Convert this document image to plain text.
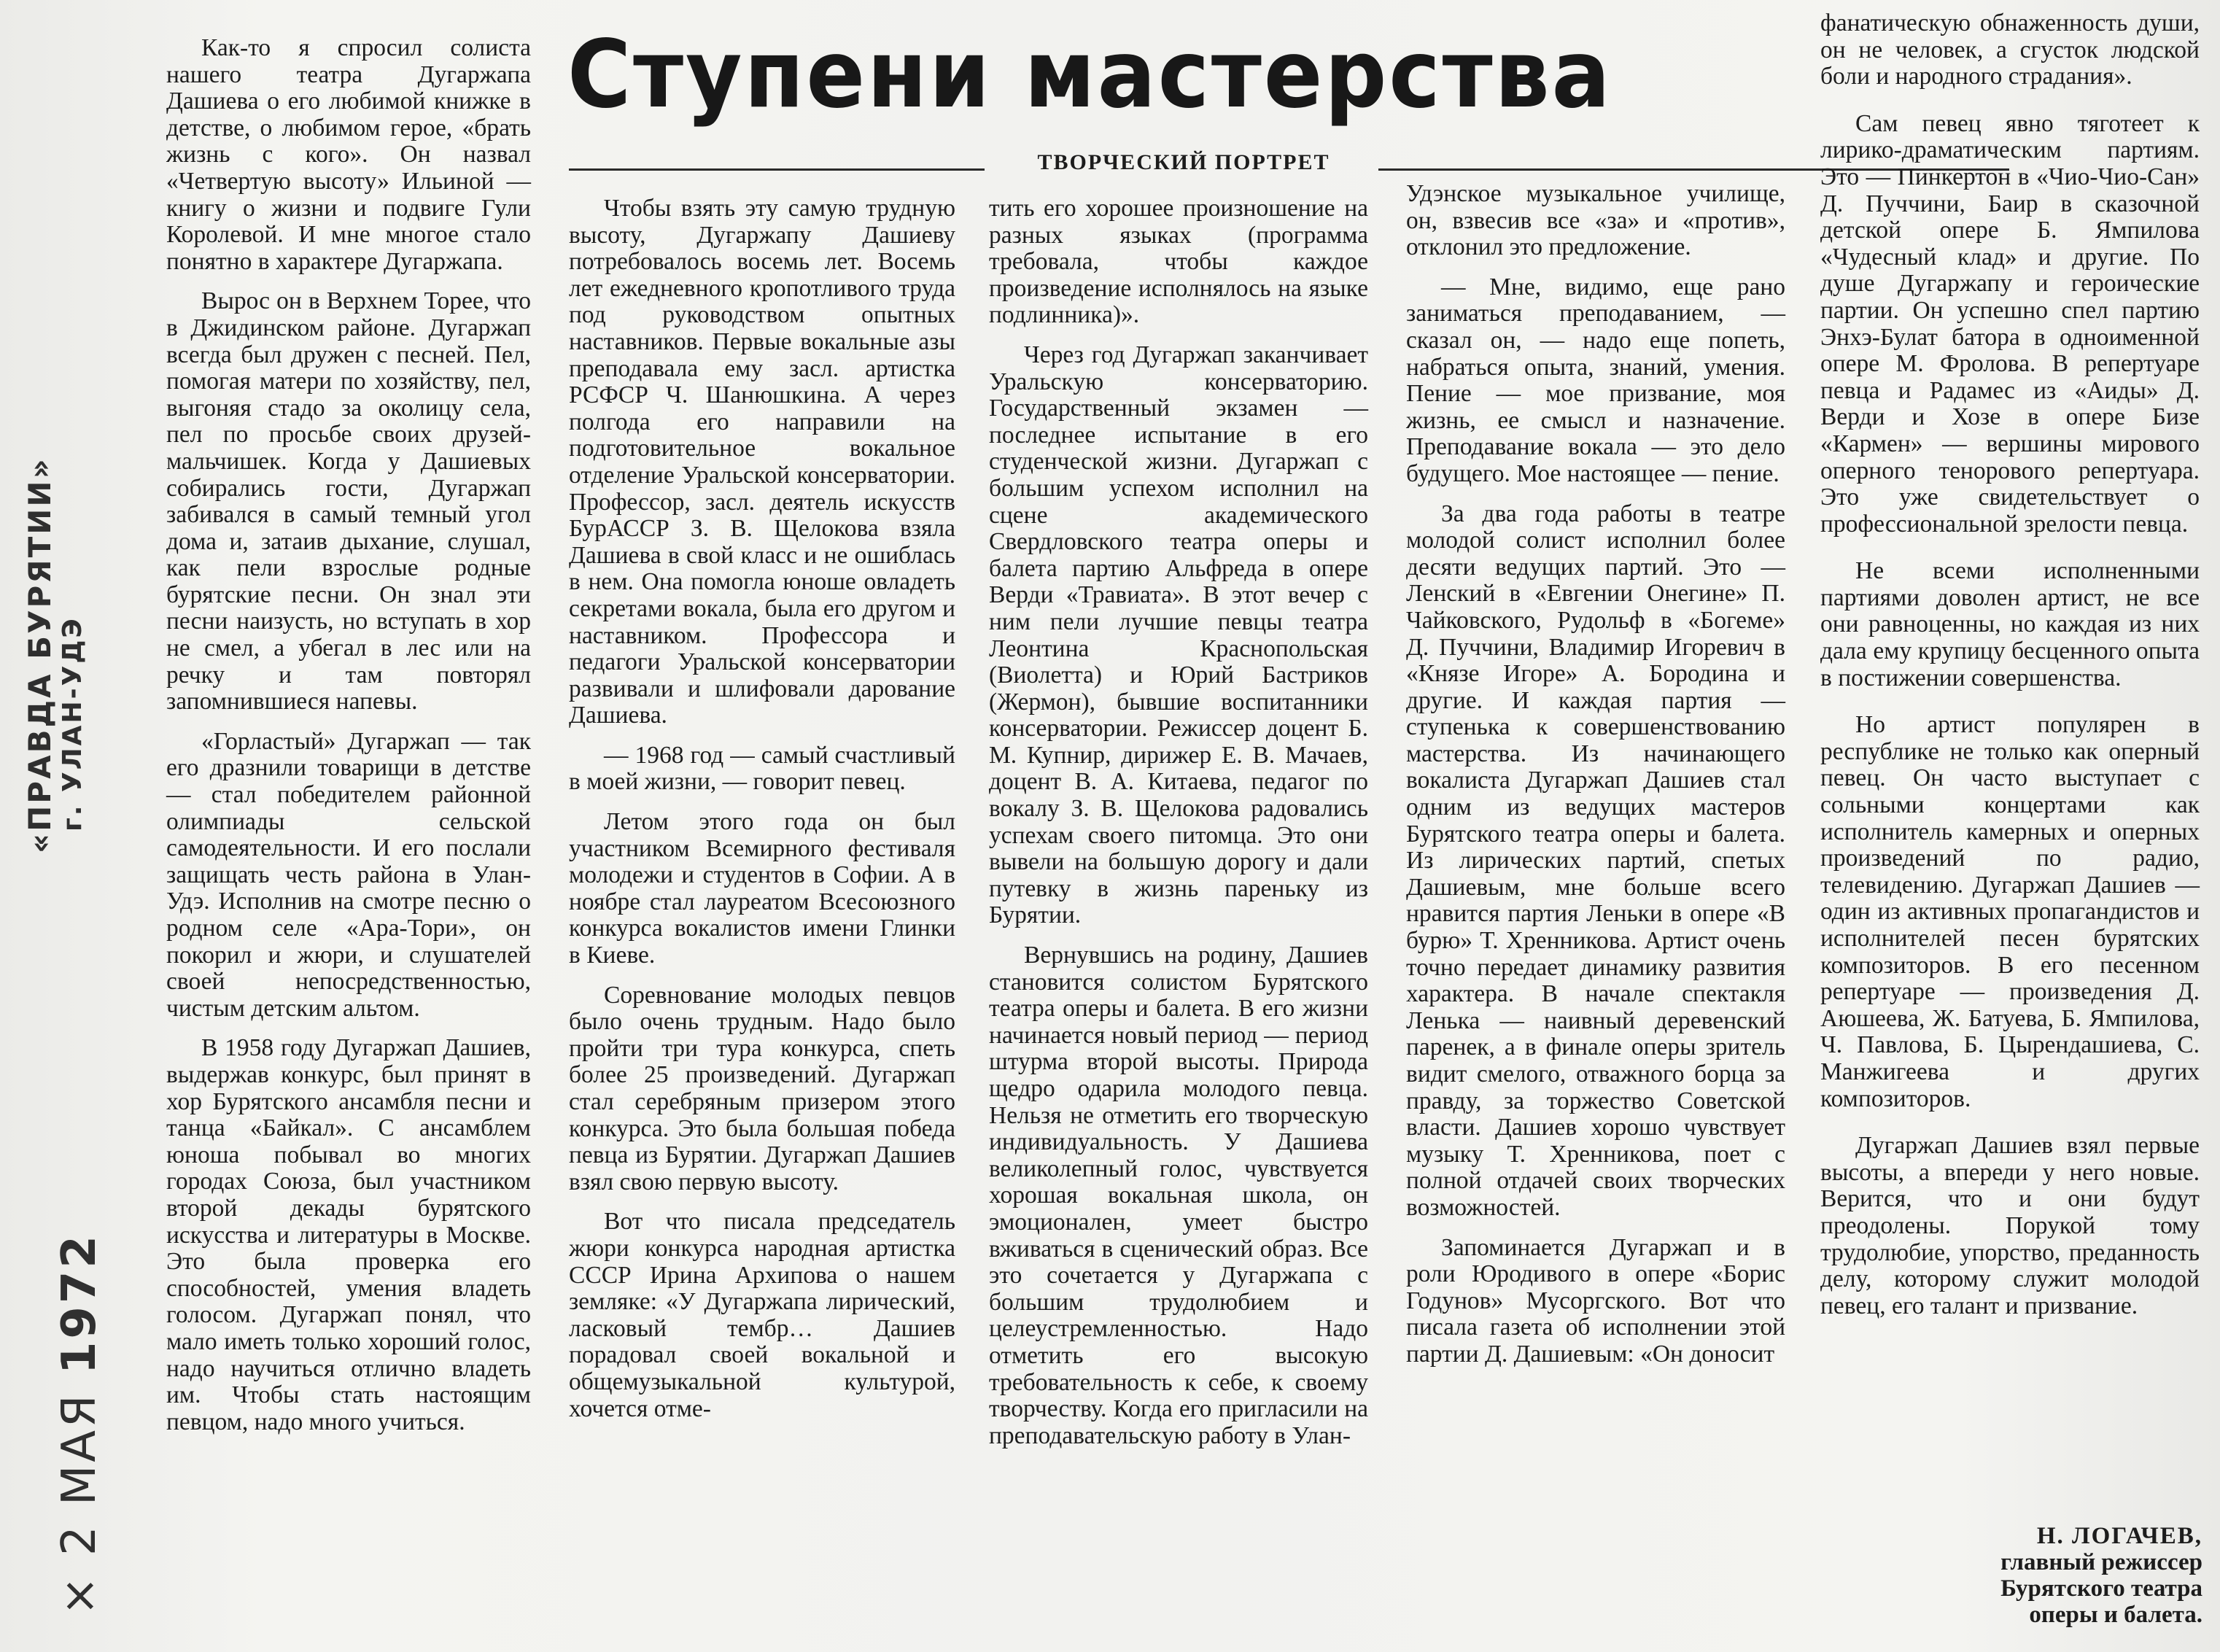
«ПРАВДА БУРЯТИИ» г. УЛАН-УДЭ
× 2 МАЯ 1972
Ступени мастерства
ТВОРЧЕСКИЙ ПОРТРЕТ

Как-то я спросил солиста нашего театра Дугаржапа Дашиева о его любимой книжке в детстве, о любимом герое, «брать жизнь с кого». Он назвал «Четвертую высоту» Ильиной — книгу о жизни и подвиге Гули Королевой. И мне многое стало понятно в характере Дугаржапа.

Вырос он в Верхнем Торее, что в Джидинском районе. Дугаржап всегда был дружен с песней. Пел, помогая матери по хозяйству, пел, выгоняя стадо за околицу села, пел по просьбе своих друзей-мальчишек. Когда у Дашиевых собирались гости, Дугаржап забивался в самый темный угол дома и, затаив дыхание, слушал, как пели взрослые родные бурятские песни. Он знал эти песни наизусть, но вступать в хор не смел, а убегал в лес или на речку и там повторял запомнившиеся напевы.

«Горластый» Дугаржап — так его дразнили товарищи в детстве — стал победителем районной олимпиады сельской самодеятельности. И его послали защищать честь района в Улан-Удэ. Исполнив на смотре песню о родном селе «Ара-Тори», он покорил и жюри, и слушателей своей непосредственностью, чистым детским альтом.

В 1958 году Дугаржап Дашиев, выдержав конкурс, был принят в хор Бурятского ансамбля песни и танца «Байкал». С ансамблем юноша побывал во многих городах Союза, был участником второй декады бурятского искусства и литературы в Москве. Это была проверка его способностей, умения владеть голосом. Дугаржап понял, что мало иметь только хороший голос, надо научиться отлично владеть им. Чтобы стать настоящим певцом, надо много учиться.

Чтобы взять эту самую трудную высоту, Дугаржапу Дашиеву потребовалось восемь лет. Восемь лет ежедневного кропотливого труда под руководством опытных наставников. Первые вокальные азы преподавала ему засл. артистка РСФСР Ч. Шанюшкина. А через полгода его направили на подготовительное вокальное отделение Уральской консерватории. Профессор, засл. деятель искусств БурАССР З. В. Щелокова взяла Дашиева в свой класс и не ошиблась в нем. Она помогла юноше овладеть секретами вокала, была его другом и наставником. Профессора и педагоги Уральской консерватории развивали и шлифовали дарование Дашиева.

— 1968 год — самый счастливый в моей жизни, — говорит певец.

Летом этого года он был участником Всемирного фестиваля молодежи и студентов в Софии. А в ноябре стал лауреатом Всесоюзного конкурса вокалистов имени Глинки в Киеве.

Соревнование молодых певцов было очень трудным. Надо было пройти три тура конкурса, спеть более 25 произведений. Дугаржап стал серебряным призером этого конкурса. Это была большая победа певца из Бурятии. Дугаржап Дашиев взял свою первую высоту.

Вот что писала председатель жюри конкурса народная артистка СССР Ирина Архипова о нашем земляке: «У Дугаржапа лирический, ласковый тембр… Дашиев порадовал своей вокальной и общемузыкальной культурой, хочется отме-

тить его хорошее произношение на разных языках (программа требовала, чтобы каждое произведение исполнялось на языке подлинника)».

Через год Дугаржап заканчивает Уральскую консерваторию. Государственный экзамен — последнее испытание в его студенческой жизни. Дугаржап с большим успехом исполнил на сцене академического Свердловского театра оперы и балета партию Альфреда в опере Верди «Травиата». В этот вечер с ним пели лучшие певцы театра Леонтина Краснопольская (Виолетта) и Юрий Бастриков (Жермон), бывшие воспитанники консерватории. Режиссер доцент Б. М. Купнир, дирижер Е. В. Мачаев, доцент В. А. Китаева, педагог по вокалу З. В. Щелокова радовались успехам своего питомца. Это они вывели на большую дорогу и дали путевку в жизнь пареньку из Бурятии.

Вернувшись на родину, Дашиев становится солистом Бурятского театра оперы и балета. В его жизни начинается новый период — период штурма второй высоты. Природа щедро одарила молодого певца. Нельзя не отметить его творческую индивидуальность. У Дашиева великолепный голос, чувствуется хорошая вокальная школа, он эмоционален, умеет быстро вживаться в сценический образ. Все это сочетается у Дугаржапа с большим трудолюбием и целеустремленностью. Надо отметить его высокую требовательность к себе, к своему творчеству. Когда его пригласили на преподавательскую работу в Улан-

Удэнское музыкальное училище, он, взвесив все «за» и «против», отклонил это предложение.

— Мне, видимо, еще рано заниматься преподаванием, — сказал он, — надо еще попеть, набраться опыта, знаний, умения. Пение — мое призвание, моя жизнь, ее смысл и назначение. Преподавание вокала — это дело будущего. Мое настоящее — пение.

За два года работы в театре молодой солист исполнил более десяти ведущих партий. Это — Ленский в «Евгении Онегине» П. Чайковского, Рудольф в «Богеме» Д. Пуччини, Владимир Игоревич в «Князе Игоре» А. Бородина и другие. И каждая партия — ступенька к совершенствованию мастерства. Из начинающего вокалиста Дугаржап Дашиев стал одним из ведущих мастеров Бурятского театра оперы и балета. Из лирических партий, спетых Дашиевым, мне больше всего нравится партия Леньки в опере «В бурю» Т. Хренникова. Артист очень точно передает динамику развития характера. В начале спектакля Ленька — наивный деревенский паренек, а в финале оперы зритель видит смелого, отважного борца за правду, за торжество Советской власти. Дашиев хорошо чувствует музыку Т. Хренникова, поет с полной отдачей своих творческих возможностей.

Запоминается Дугаржап и в роли Юродивого в опере «Борис Годунов» Мусоргского. Вот что писала газета об исполнении этой партии Д. Дашиевым: «Он доносит

фанатическую обнаженность души, он не человек, а сгусток людской боли и народного страдания».

Сам певец явно тяготеет к лирико-драматическим партиям. Это — Пинкертон в «Чио-Чио-Сан» Д. Пуччини, Баир в сказочной детской опере Б. Ямпилова «Чудесный клад» и другие. По душе Дугаржапу и героические партии. Он успешно спел партию Энхэ-Булат батора в одноименной опере М. Фролова. В репертуаре певца и Радамес из «Аиды» Д. Верди и Хозе в опере Бизе «Кармен» — вершины мирового оперного тенорового репертуара. Это уже свидетельствует о профессиональной зрелости певца.

Не всеми исполненными партиями доволен артист, не все они равноценны, но каждая из них дала ему крупицу бесценного опыта в постижении совершенства.

Но артист популярен в республике не только как оперный певец. Он часто выступает с сольными концертами как исполнитель камерных и оперных произведений по радио, телевидению. Дугаржап Дашиев — один из активных пропагандистов и исполнителей песен бурятских композиторов. В его песенном репертуаре — произведения Д. Аюшеева, Ж. Батуева, Б. Ямпилова, Ч. Павлова, Б. Цырендашиева, С. Манжигеева и других композиторов.

Дугаржап Дашиев взял первые высоты, а впереди у него новые. Верится, что и они будут преодолены. Порукой тому трудолюбие, упорство, преданность делу, которому служит молодой певец, его талант и призвание.

Н. ЛОГАЧЕВ,
главный режиссер
Бурятского театра
оперы и балета.
